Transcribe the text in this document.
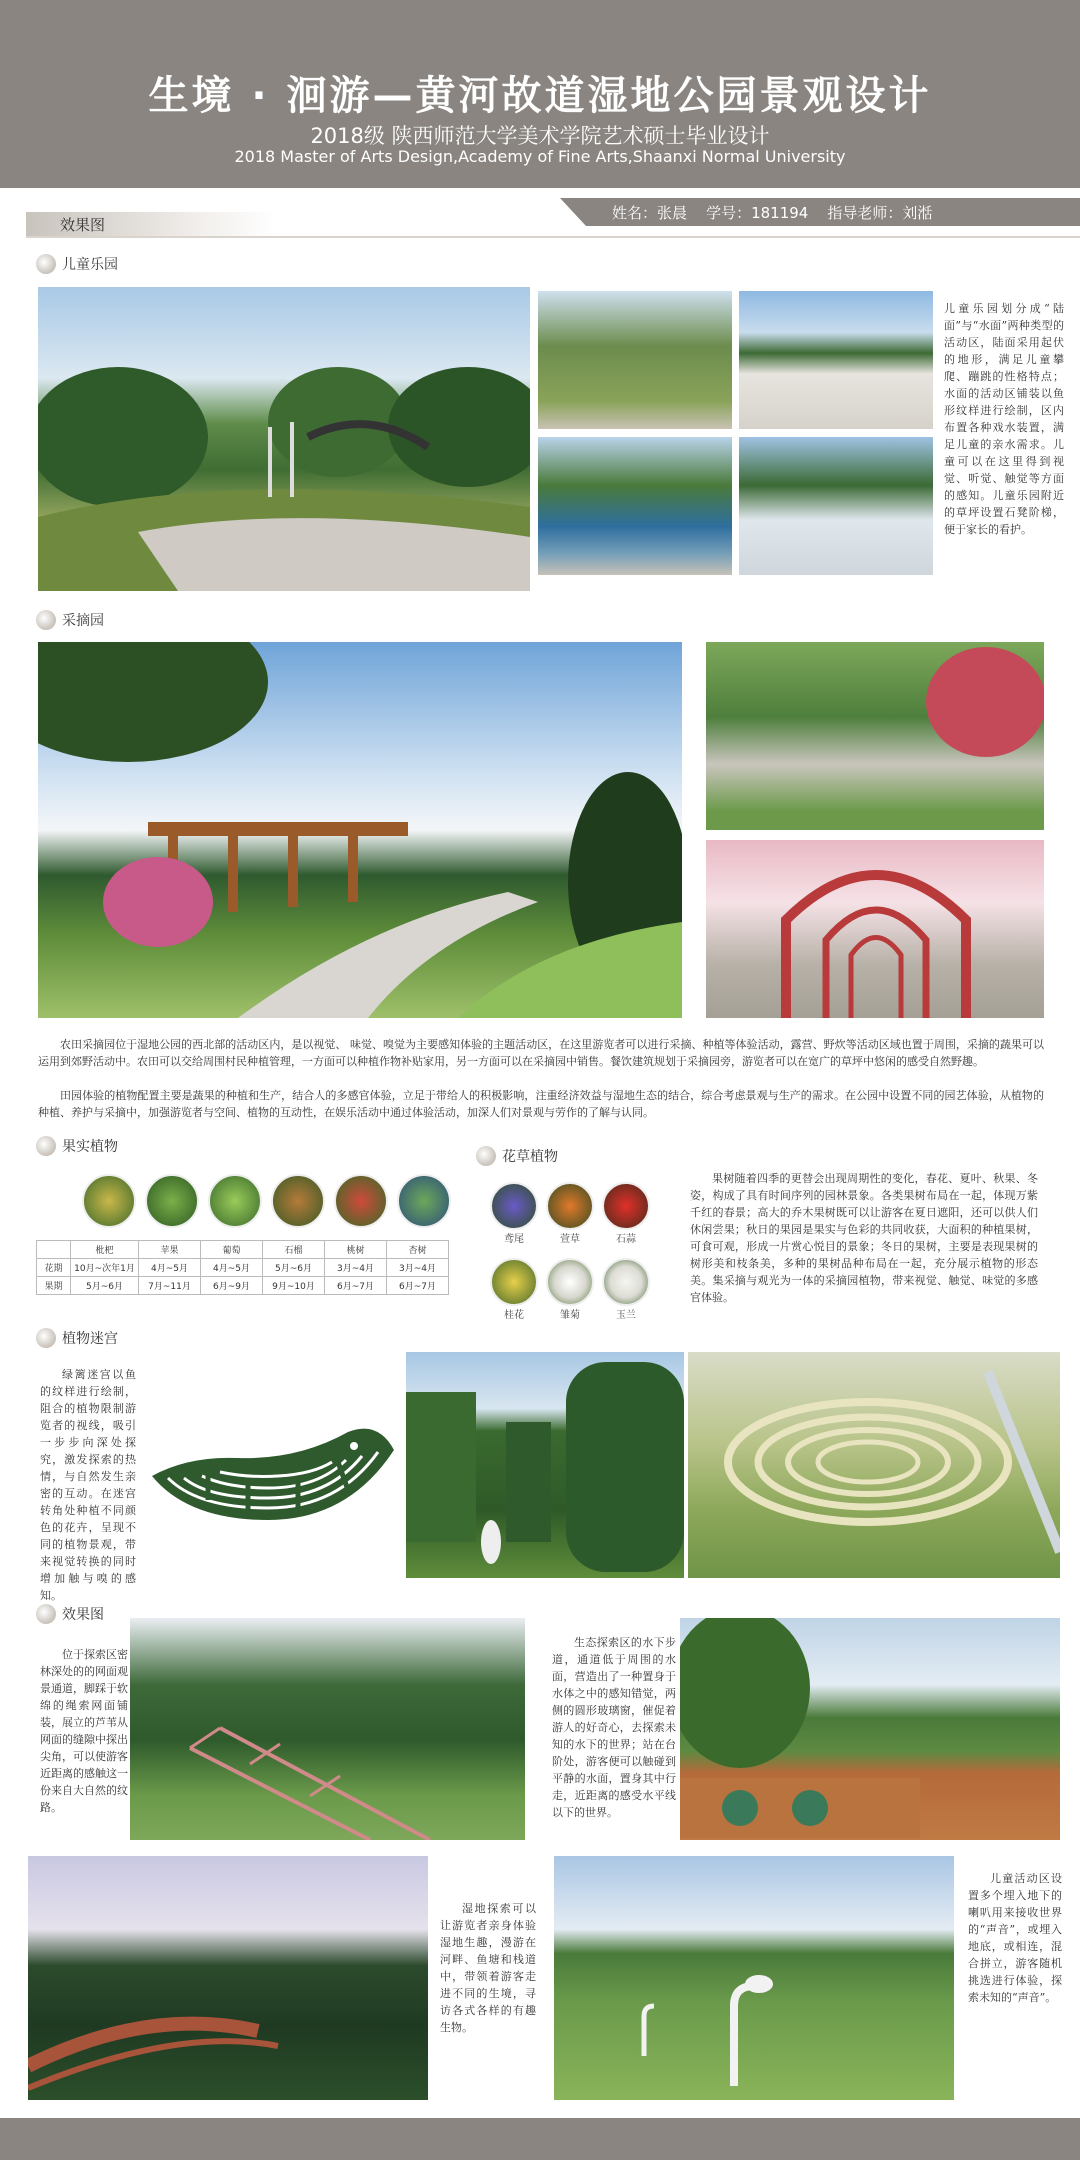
生境 · 洄游—黄河故道湿地公园景观设计
2018级 陕西师范大学美术学院艺术硕士毕业设计
2018 Master of Arts Design,Academy of Fine Arts,Shaanxi Normal University
效果图
姓名：张晨    学号：181194    指导老师：刘湉
儿童乐园
儿童乐园划分成“陆面”与“水面”两种类型的活动区，陆面采用起伏的地形，满足儿童攀爬、蹦跳的性格特点；水面的活动区铺装以鱼形纹样进行绘制，区内布置各种戏水装置，满足儿童的亲水需求。儿童可以在这里得到视觉、听觉、触觉等方面的感知。儿童乐园附近的草坪设置石凳阶梯，便于家长的看护。
采摘园
农田采摘园位于湿地公园的西北部的活动区内，是以视觉、 味觉、嗅觉为主要感知体验的主题活动区，在这里游览者可以进行采摘、种植等体验活动，露营、野炊等活动区域也置于周围，采摘的蔬果可以运用到郊野活动中。农田可以交给周围村民种植管理，一方面可以种植作物补贴家用，另一方面可以在采摘园中销售。餐饮建筑规划于采摘园旁，游览者可以在宽广的草坪中悠闲的感受自然野趣。
田园体验的植物配置主要是蔬果的种植和生产，结合人的多感官体验，立足于带给人的积极影响，注重经济效益与湿地生态的结合，综合考虑景观与生产的需求。在公园中设置不同的园艺体验，从植物的种植、养护与采摘中，加强游览者与空间、植物的互动性，在娱乐活动中通过体验活动，加深人们对景观与劳作的了解与认同。
果实植物
	枇杷	苹果	葡萄	石榴	桃树	杏树
花期	10月~次年1月	4月~5月	4月~5月	5月~6月	3月~4月	3月~4月
果期	5月~6月	7月~11月	6月~9月	9月~10月	6月~7月	6月~7月
花草植物
鸢尾	萱草	石蒜
桂花	雏菊	玉兰
果树随着四季的更替会出现周期性的变化，春花、夏叶、秋果、冬姿，构成了具有时间序列的园林景象。各类果树布局在一起，体现万紫千红的春景；高大的乔木果树既可以让游客在夏日遮阳，还可以供人们休闲尝果；秋日的果园是果实与色彩的共同收获，大面积的种植果树，可食可观，形成一片赏心悦目的景象；冬日的果树，主要是表现果树的树形美和枝条美，多种的果树品种布局在一起，充分展示植物的形态美。集采摘与观光为一体的采摘园植物，带来视觉、触觉、味觉的多感官体验。
植物迷宫
绿篱迷宫以鱼的纹样进行绘制，阻合的植物限制游览者的视线，吸引一步步向深处探究，激发探索的热情，与自然发生亲密的互动。在迷宫转角处种植不同颜色的花卉，呈现不同的植物景观，带来视觉转换的同时增加触与嗅的感知。
效果图
位于探索区密林深处的的网面观景通道，脚踩于软绵的绳索网面铺装，展立的芦苇从网面的缝隙中探出尖角，可以使游客近距离的感触这一份来自大自然的纹路。
生态探索区的水下步道，通道低于周围的水面，营造出了一种置身于水体之中的感知错觉，两侧的圆形玻璃窗，催促着游人的好奇心，去探索未知的水下的世界；站在台阶处，游客便可以触碰到平静的水面，置身其中行走，近距离的感受水平线以下的世界。
湿地探索可以让游览者亲身体验湿地生趣，漫游在河畔、鱼塘和栈道中，带领着游客走进不同的生境，寻访各式各样的有趣生物。
儿童活动区设置多个埋入地下的喇叭用来接收世界的“声音”，或埋入地底，或相连，混合拼立，游客随机挑选进行体验，探索未知的“声音”。
